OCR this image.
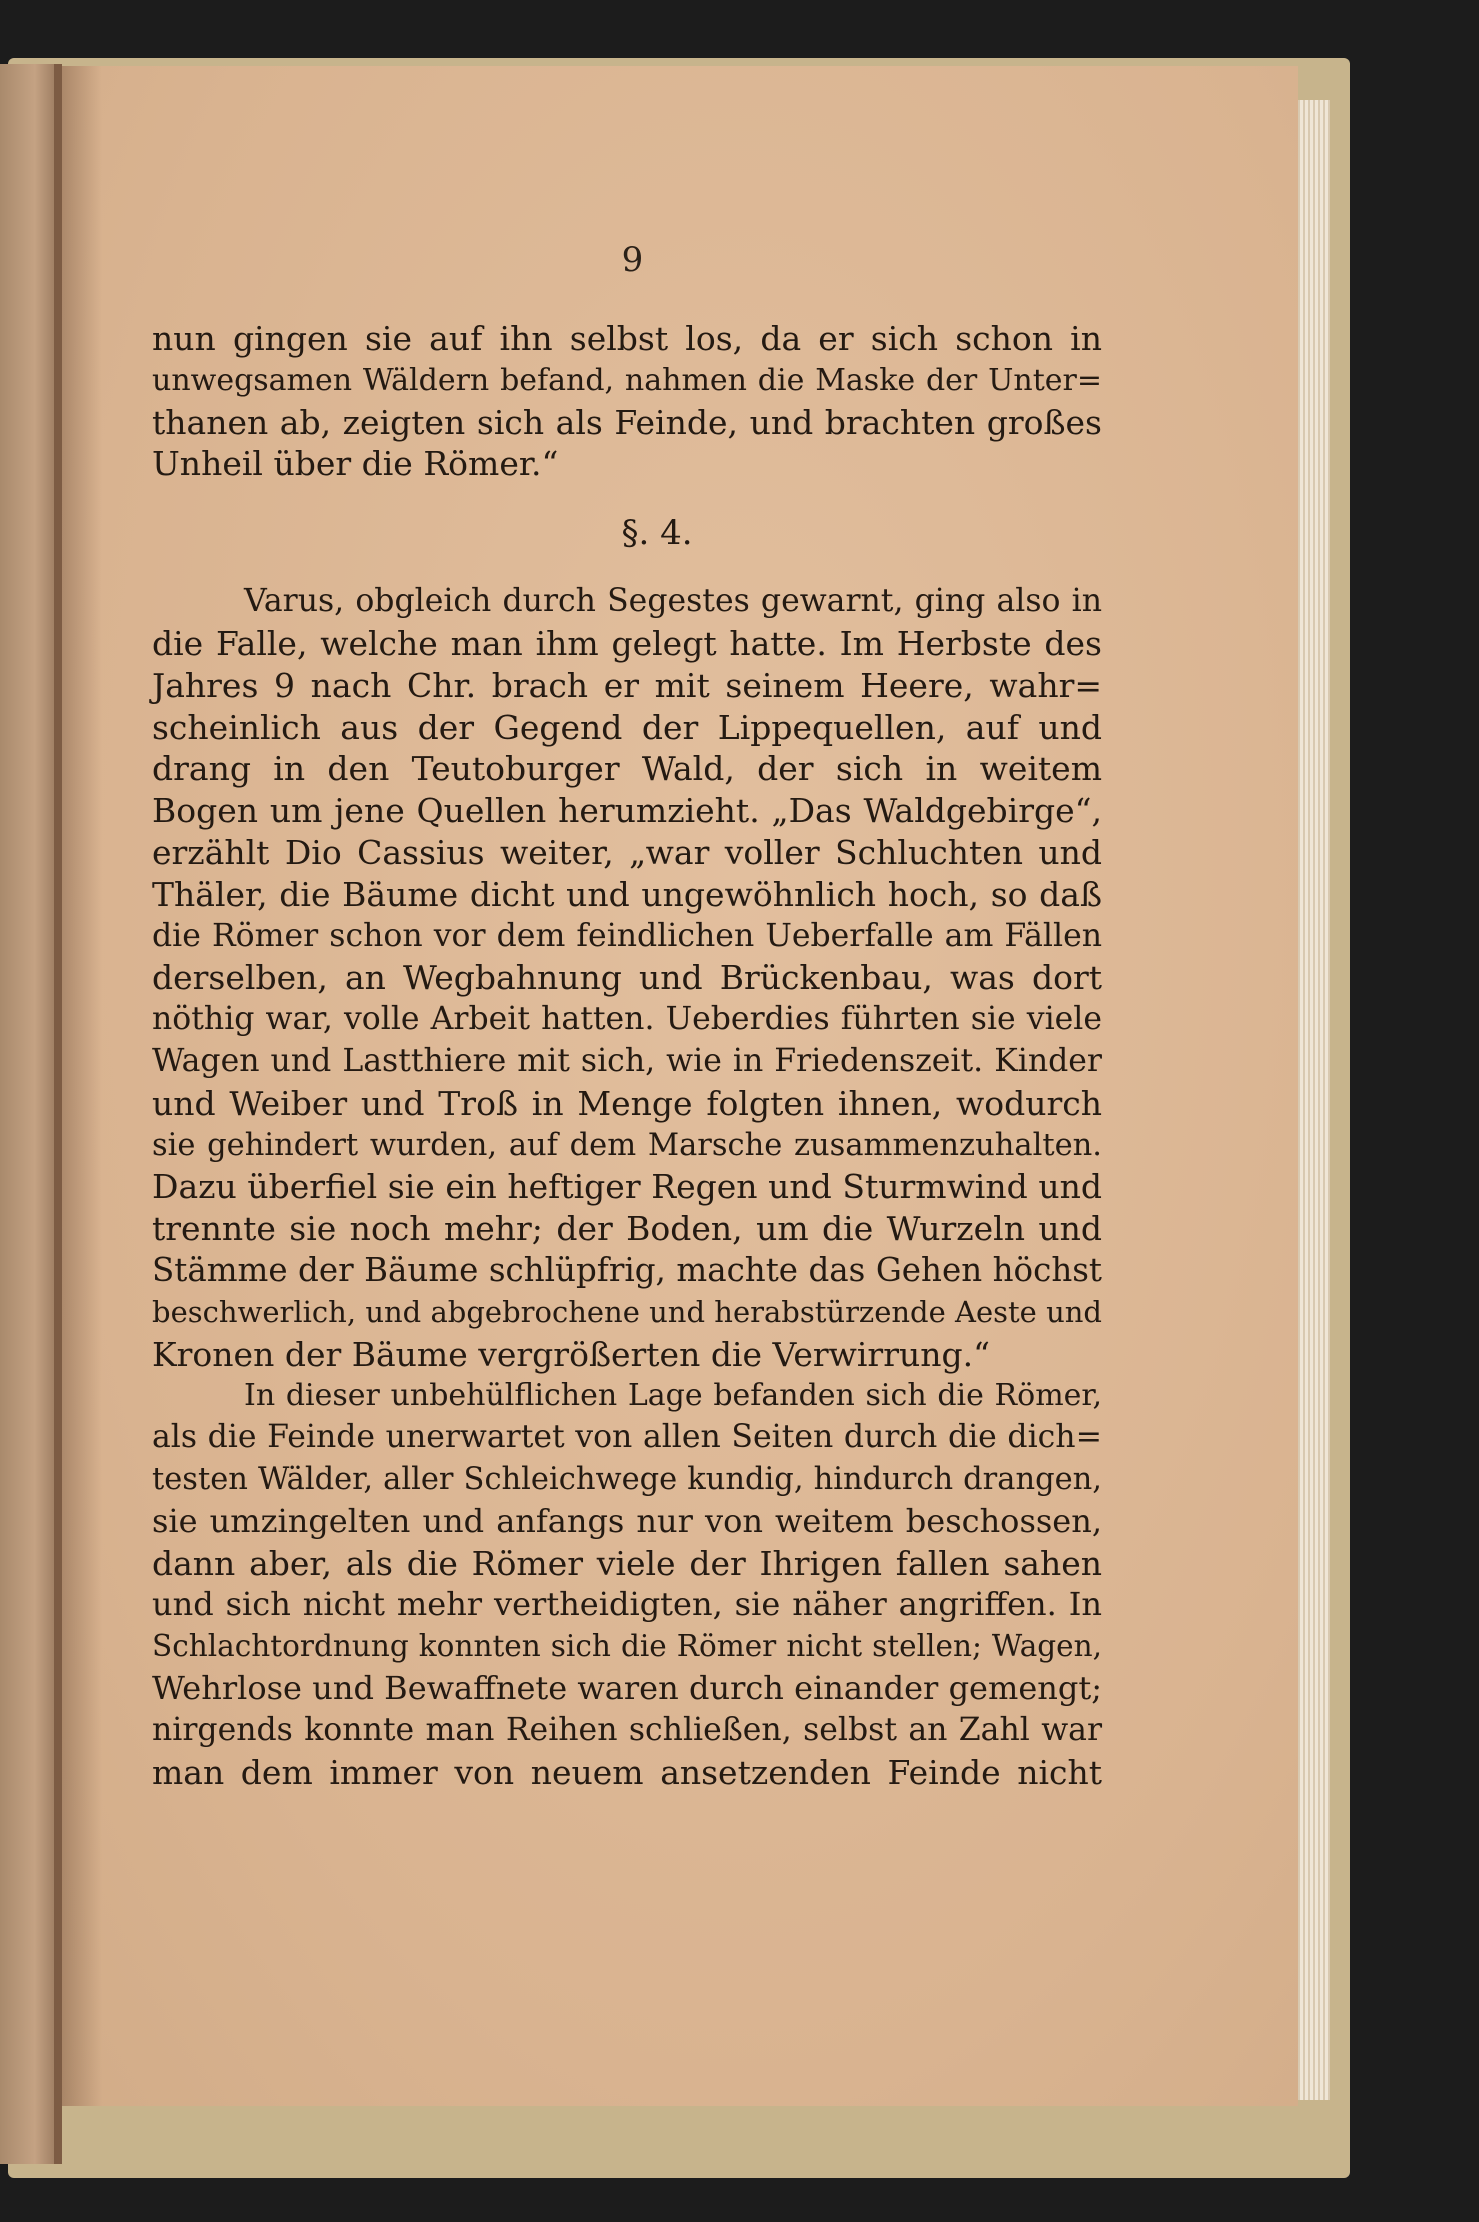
9
nun gingen sie auf ihn selbst los, da er sich schon in
unwegsamen Wäldern befand, nahmen die Maske der Unter=
thanen ab, zeigten sich als Feinde, und brachten großes
Unheil über die Römer.“
§. 4.
Varus, obgleich durch Segestes gewarnt, ging also in
die Falle, welche man ihm gelegt hatte. Im Herbste des
Jahres 9 nach Chr. brach er mit seinem Heere, wahr=
scheinlich aus der Gegend der Lippequellen, auf und
drang in den Teutoburger Wald, der sich in weitem
Bogen um jene Quellen herumzieht. „Das Waldgebirge“,
erzählt Dio Cassius weiter, „war voller Schluchten und
Thäler, die Bäume dicht und ungewöhnlich hoch, so daß
die Römer schon vor dem feindlichen Ueberfalle am Fällen
derselben, an Wegbahnung und Brückenbau, was dort
nöthig war, volle Arbeit hatten. Ueberdies führten sie viele
Wagen und Lastthiere mit sich, wie in Friedenszeit. Kinder
und Weiber und Troß in Menge folgten ihnen, wodurch
sie gehindert wurden, auf dem Marsche zusammenzuhalten.
Dazu überfiel sie ein heftiger Regen und Sturmwind und
trennte sie noch mehr; der Boden, um die Wurzeln und
Stämme der Bäume schlüpfrig, machte das Gehen höchst
beschwerlich, und abgebrochene und herabstürzende Aeste und
Kronen der Bäume vergrößerten die Verwirrung.“
In dieser unbehülflichen Lage befanden sich die Römer,
als die Feinde unerwartet von allen Seiten durch die dich=
testen Wälder, aller Schleichwege kundig, hindurch drangen,
sie umzingelten und anfangs nur von weitem beschossen,
dann aber, als die Römer viele der Ihrigen fallen sahen
und sich nicht mehr vertheidigten, sie näher angriffen. In
Schlachtordnung konnten sich die Römer nicht stellen; Wagen,
Wehrlose und Bewaffnete waren durch einander gemengt;
nirgends konnte man Reihen schließen, selbst an Zahl war
man dem immer von neuem ansetzenden Feinde nicht
